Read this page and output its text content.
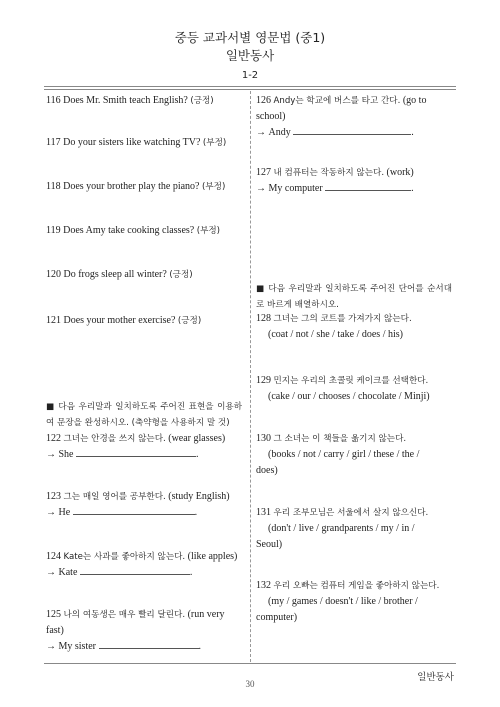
중등 교과서별 영문법 (중1)
일반동사
1-2
116 Does Mr. Smith teach English? (긍정)
117 Do your sisters like watching TV? (부정)
118 Does your brother play the piano? (부정)
119 Does Amy take cooking classes? (부정)
120 Do frogs sleep all winter? (긍정)
121 Does your mother exercise? (긍정)
■ 다음 우리말과 일치하도록 주어진 표현을 이용하여 문장을 완성하시오. (축약형을 사용하지 말 것)
122 그녀는 안경을 쓰지 않는다. (wear glasses)
→ She	.
123 그는 매일 영어를 공부한다. (study English)
→ He	.
124 Kate는 사과를 좋아하지 않는다. (like apples)
→ Kate	.
125 나의 여동생은 매우 빨리 달린다. (run very
fast)
→ My sister	.
126 Andy는 학교에 버스를 타고 간다. (go to
school)
→ Andy	.
127 내 컴퓨터는 작동하지 않는다. (work)
→ My computer	.
■ 다음 우리말과 일치하도록 주어진 단어를 순서대로 바르게 배열하시오.
128 그녀는 그의 코트를 가져가지 않는다.
(coat / not / she / take / does / his)
129 민지는 우리의 초콜릿 케이크를 선택한다.
(cake / our / chooses / chocolate / Minji)
130 그 소녀는 이 책들을 옮기지 않는다.
(books / not / carry / girl / these / the /
does)
131 우리 조부모님은 서울에서 살지 않으신다.
(don't / live / grandparents / my / in /
Seoul)
132 우리 오빠는 컴퓨터 게임을 좋아하지 않는다.
(my / games / doesn't / like / brother /
computer)
일반동사
30
